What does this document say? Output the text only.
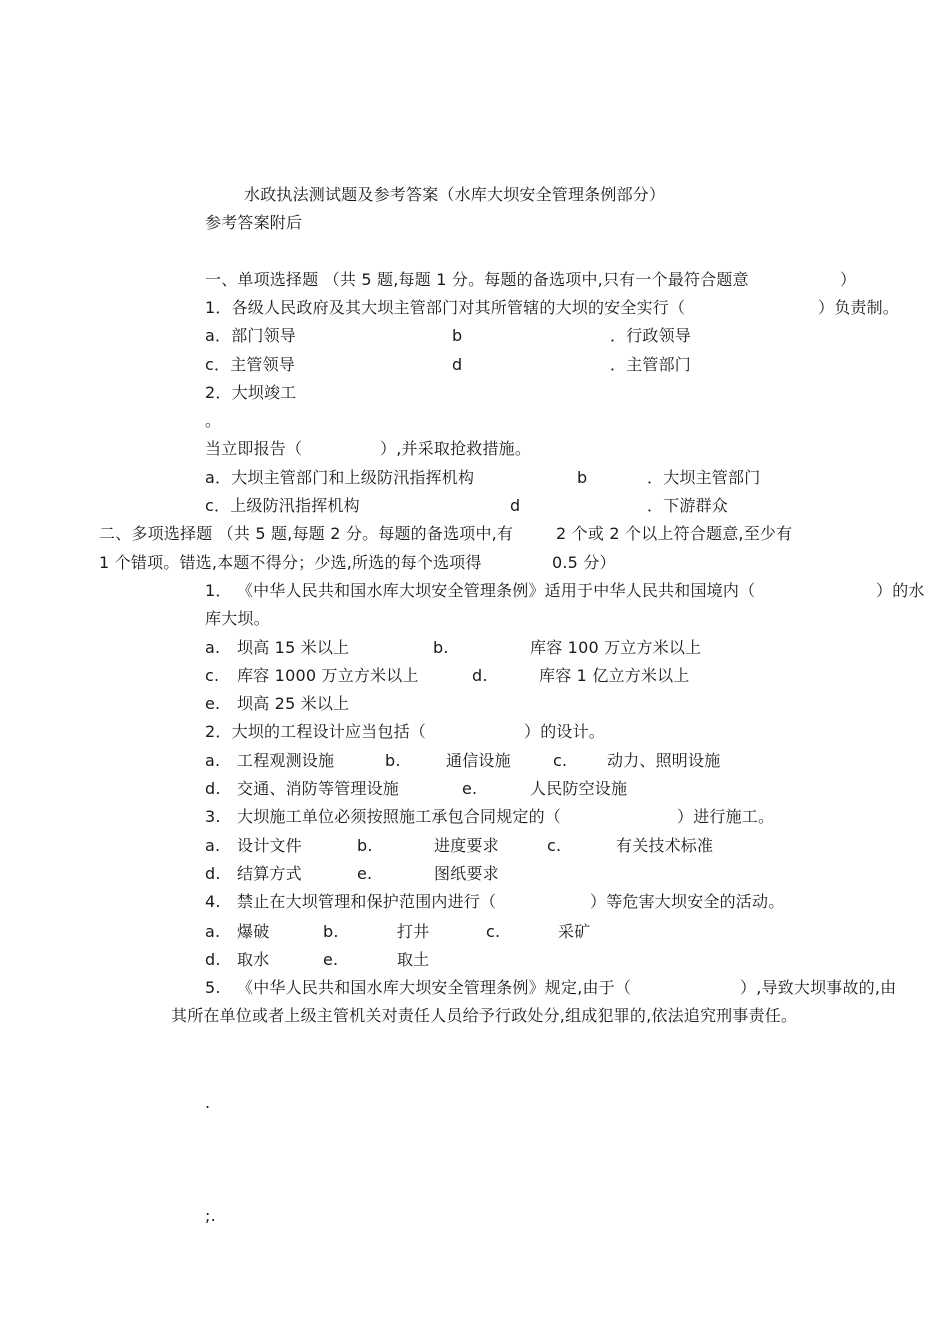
水政执法测试题及参考答案（水库大坝安全管理条例部分）
参考答案附后
一、单项选择题 （共 5 题,每题 1 分。每题的备选项中,只有一个最符合题意	）
1．各级人民政府及其大坝主管部门对其所管辖的大坝的安全实行（	）负责制。
a．部门领导	b	．行政领导
c．主管领导	d	．主管部门
2．大坝竣工
。
当立即报告（	）,并采取抢救措施。
a．大坝主管部门和上级防汛指挥机构	b	．大坝主管部门
c．上级防汛指挥机构	d	．下游群众
二、多项选择题 （共 5 题,每题 2 分。每题的备选项中,有	2 个或 2 个以上符合题意,至少有
1 个错项。错选,本题不得分；少选,所选的每个选项得	0.5 分）
1． 《中华人民共和国水库大坝安全管理条例》适用于中华人民共和国境内（	）的水
库大坝。
a. 坝高 15 米以上	b.	库容 100 万立方米以上
c. 库容 1000 万立方米以上	d.	库容 1 亿立方米以上
e. 坝高 25 米以上
2．大坝的工程设计应当包括（	）的设计。
a. 工程观测设施	b.	通信设施	c. 动力、照明设施
d. 交通、消防等管理设施	e.	人民防空设施
3. 大坝施工单位必须按照施工承包合同规定的（	）进行施工。
a. 设计文件	b.	进度要求	c.	有关技术标准
d. 结算方式	e.	图纸要求
4. 禁止在大坝管理和保护范围内进行（	）等危害大坝安全的活动。
a. 爆破	b.	打井	c.	采矿
d. 取水	e.	取土
5. 《中华人民共和国水库大坝安全管理条例》规定,由于（	）,导致大坝事故的,由
其所在单位或者上级主管机关对责任人员给予行政处分,组成犯罪的,依法追究刑事责任。
.
;.
